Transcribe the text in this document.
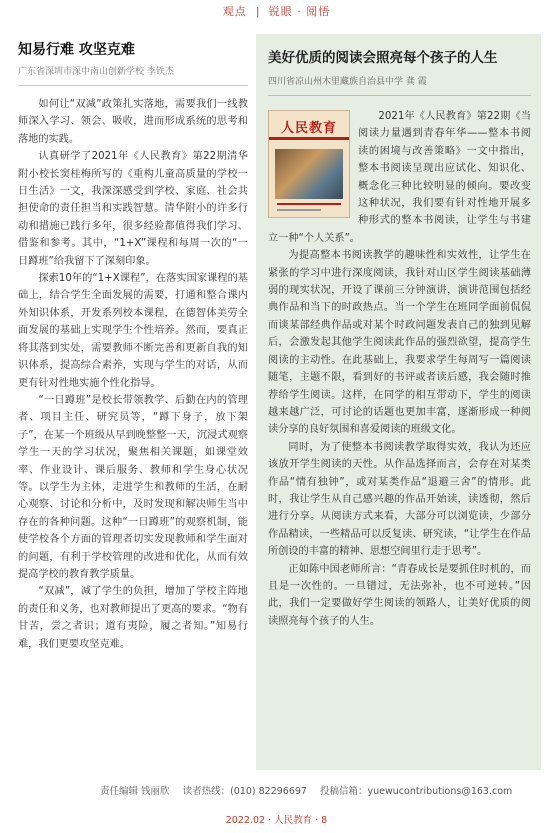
观点 | 锐眼 · 阅悟
知易行难 攻坚克难
广东省深圳市深中南山创新学校 李铁杰

如何让“双减”政策扎实落地，需要我们一线教师深入学习、领会、吸收，进而形成系统的思考和落地的实践。

认真研学了2021年《人民教育》第22期清华附小校长窦桂梅所写的《重构儿童高质量的学校一日生活》一文，我深深感受到学校、家庭、社会共担使命的责任担当和实践智慧。清华附小的许多行动和措施已践行多年，很多经验都值得我们学习、借鉴和参考。其中，“1+X”课程和每周一次的“一日蹲班”给我留下了深刻印象。

探索10年的“1+X课程”，在落实国家课程的基础上，结合学生全面发展的需要，打通和整合课内外知识体系，开发系列校本课程，在德智体美劳全面发展的基础上实现学生个性培养。然而，要真正将其落到实处，需要教师不断完善和更新自我的知识体系，提高综合素养，实现与学生的对话，从而更有针对性地实施个性化指导。

“一日蹲班”是校长带领教学、后勤在内的管理者、项目主任、研究员等，“蹲下身子，放下架子”，在某一个班级从早到晚整整一天，沉浸式观察学生一天的学习状况，聚焦相关课题，如课堂效率、作业设计、课后服务、教师和学生身心状况等。以学生为主体，走进学生和教师的生活，在耐心观察、讨论和分析中，及时发现和解决师生当中存在的各种问题。这种“一日蹲班”的观察机制，能使学校各个方面的管理者切实发现教师和学生面对的问题，有利于学校管理的改进和优化，从而有效提高学校的教育教学质量。

“双减”，减了学生的负担，增加了学校主阵地的责任和义务，也对教师提出了更高的要求。“物有甘苦，尝之者识；道有夷险，履之者知。”知易行难，我们更要攻坚克难。

美好优质的阅读会照亮每个孩子的人生
四川省凉山州木里藏族自治县中学 龚 霞
人民教育

2021年《人民教育》第22期《当阅读力量遇到青春年华——整本书阅读的困境与改善策略》一文中指出，整本书阅读呈现出应试化、知识化、概念化三种比较明显的倾向。要改变这种状况，我们要有针对性地开展多种形式的整本书阅读，让学生与书建立一种“个人关系”。

为提高整本书阅读教学的趣味性和实效性，让学生在紧张的学习中进行深度阅读，我针对山区学生阅读基础薄弱的现实状况，开设了课前三分钟演讲，演讲范围包括经典作品和当下的时政热点。当一个学生在班同学面前侃侃而谈某部经典作品或对某个时政问题发表自己的独到见解后，会激发起其他学生阅读此作品的强烈欲望，提高学生阅读的主动性。在此基础上，我要求学生每周写一篇阅读随笔，主题不限，看到好的书评或者读后感，我会随时推荐给学生阅读。这样，在同学的相互带动下，学生的阅读越来越广泛，可讨论的话题也更加丰富，逐渐形成一种阅读分享的良好氛围和喜爱阅读的班级文化。

同时，为了使整本书阅读教学取得实效，我认为还应该放开学生阅读的天性。从作品选择而言，会存在对某类作品“情有独钟”，或对某类作品“退避三舍”的情形。此时，我让学生从自己感兴趣的作品开始读，读透彻，然后进行分享。从阅读方式来看，大部分可以浏览读，少部分作品精读，一些精品可以反复读、研究读，“让学生在作品所创设的丰富的精神、思想空间里行走于思考”。

正如陈中国老师所言：“青春成长是要抓住时机的，而且是一次性的。一旦错过，无法弥补，也不可逆转。”因此，我们一定要做好学生阅读的领路人，让美好优质的阅读照亮每个孩子的人生。

责任编辑 钱丽欣 读者热线：(010) 82296697 投稿信箱：yuewucontributions@163.com
2022.02 · 人民教育 · 8
